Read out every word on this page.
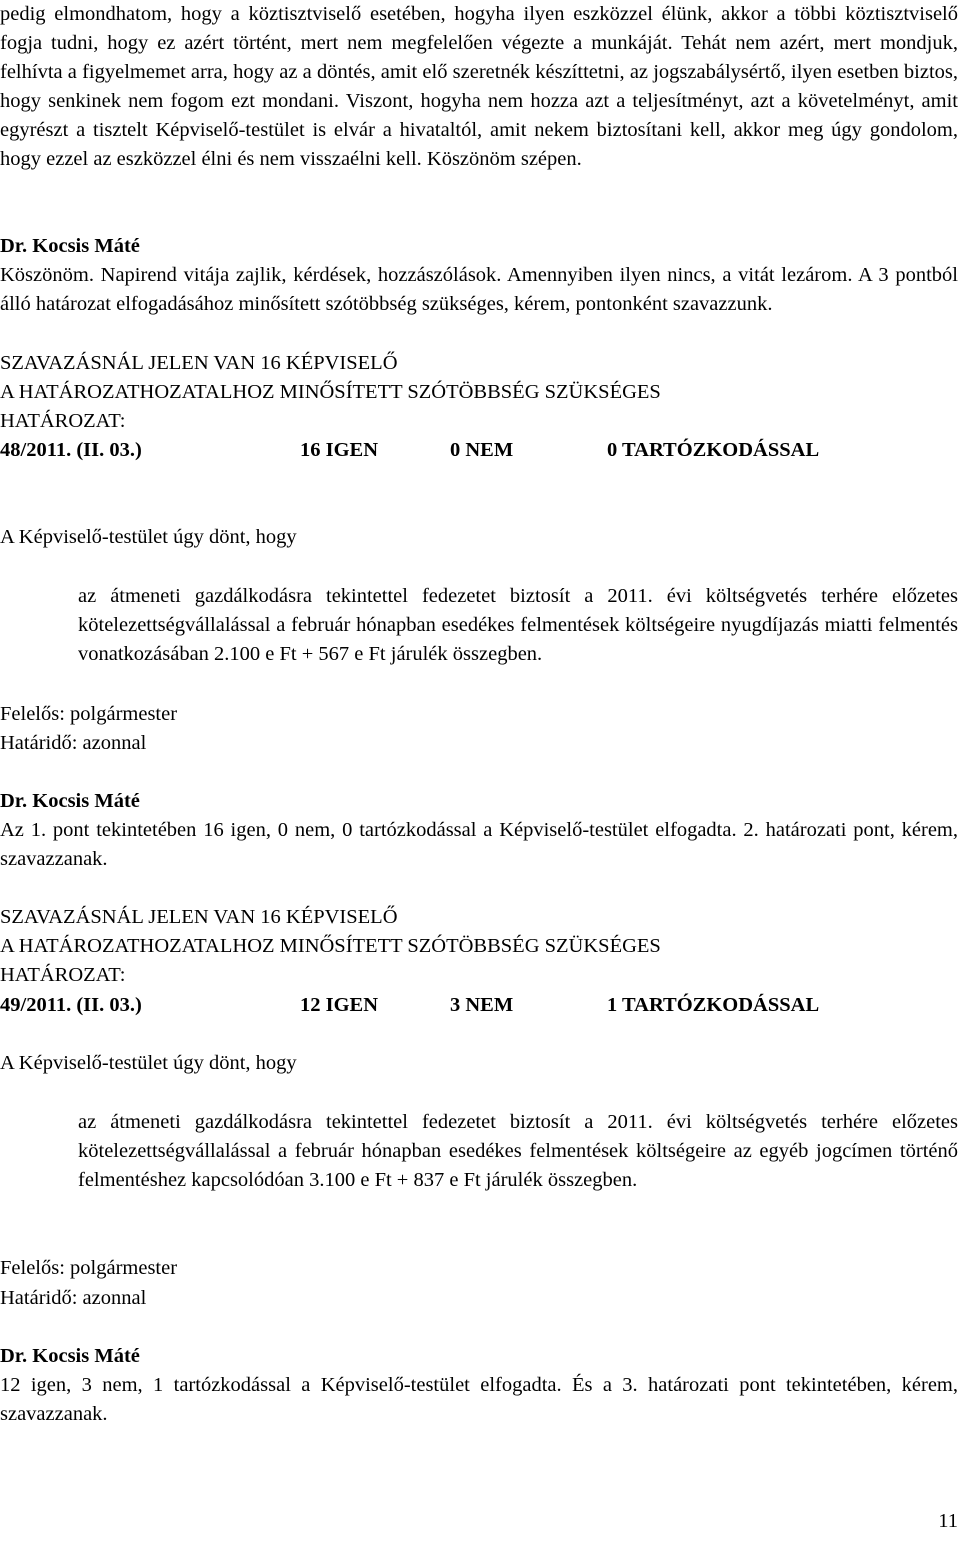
pedig elmondhatom, hogy a köztisztviselő esetében, hogyha ilyen eszközzel élünk, akkor a többi köztisztviselő fogja tudni, hogy ez azért történt, mert nem megfelelően végezte a munkáját. Tehát nem azért, mert mondjuk, felhívta a figyelmemet arra, hogy az a döntés, amit elő szeretnék készíttetni, az jogszabálysértő, ilyen esetben biztos, hogy senkinek nem fogom ezt mondani. Viszont, hogyha nem hozza azt a teljesítményt, azt a követelményt, amit egyrészt a tisztelt Képviselő-testület is elvár a hivataltól, amit nekem biztosítani kell, akkor meg úgy gondolom, hogy ezzel az eszközzel élni és nem visszaélni kell. Köszönöm szépen.

Dr. Kocsis Máté

Köszönöm. Napirend vitája zajlik, kérdések, hozzászólások. Amennyiben ilyen nincs, a vitát lezárom. A 3 pontból álló határozat elfogadásához minősített szótöbbség szükséges, kérem, pontonként szavazzunk.

SZAVAZÁSNÁL JELEN VAN 16 KÉPVISELŐ
A HATÁROZATHOZATALHOZ MINŐSÍTETT SZÓTÖBBSÉG SZÜKSÉGES
HATÁROZAT:
48/2011. (II. 03.)	16 IGEN	0 NEM	0 TARTÓZKODÁSSAL
A Képviselő-testület úgy dönt, hogy

az átmeneti gazdálkodásra tekintettel fedezetet biztosít a 2011. évi költségvetés terhére előzetes kötelezettségvállalással a február hónapban esedékes felmentések költségeire nyugdíjazás miatti felmentés vonatkozásában 2.100 e Ft + 567 e Ft járulék összegben.

Felelős: polgármester
Határidő: azonnal
Dr. Kocsis Máté

Az 1. pont tekintetében 16 igen, 0 nem, 0 tartózkodással a Képviselő-testület elfogadta. 2. határozati pont, kérem, szavazzanak.

SZAVAZÁSNÁL JELEN VAN 16 KÉPVISELŐ
A HATÁROZATHOZATALHOZ MINŐSÍTETT SZÓTÖBBSÉG SZÜKSÉGES
HATÁROZAT:
49/2011. (II. 03.)	12 IGEN	3 NEM	1 TARTÓZKODÁSSAL
A Képviselő-testület úgy dönt, hogy

az átmeneti gazdálkodásra tekintettel fedezetet biztosít a 2011. évi költségvetés terhére előzetes kötelezettségvállalással a február hónapban esedékes felmentések költségeire az egyéb jogcímen történő felmentéshez kapcsolódóan 3.100 e Ft + 837 e Ft járulék összegben.

Felelős: polgármester
Határidő: azonnal
Dr. Kocsis Máté

12 igen, 3 nem, 1 tartózkodással a Képviselő-testület elfogadta. És a 3. határozati pont tekintetében, kérem, szavazzanak.

11
